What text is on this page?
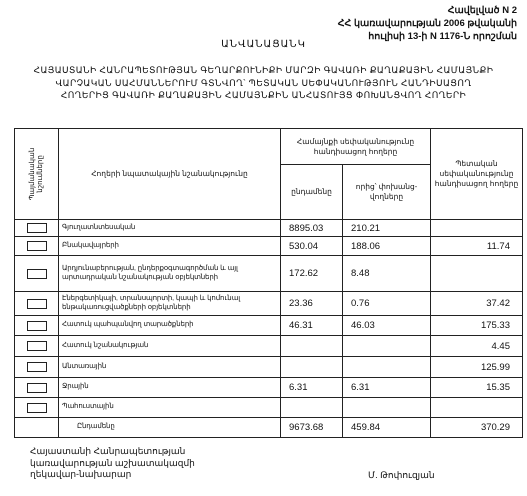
Հավելված N 2
ՀՀ կառավարության 2006 թվականի
հուլիսի 13-ի N 1176-Ն որոշման
ԱՆՎԱՆԱՑԱՆԿ
ՀԱՅԱՍՏԱՆԻ ՀԱՆՐԱՊԵՏՈՒԹՅԱՆ ԳԵՂԱՐՔՈՒՆԻՔԻ ՄԱՐԶԻ ԳԱՎԱՌԻ ՔԱՂԱՔԱՅԻՆ ՀԱՄԱՅՆՔԻ
ՎԱՐՉԱԿԱՆ ՍԱՀՄԱՆՆԵՐՈՒՄ ԳՏՆՎՈՂ՝ ՊԵՏԱԿԱՆ ՍԵՓԱԿԱՆՈՒԹՅՈՒՆ ՀԱՆԴԻՍԱՑՈՂ
ՀՈՂԵՐԻՑ ԳԱՎԱՌԻ ՔԱՂԱՔԱՅԻՆ ՀԱՄԱՅՆՔԻՆ ԱՆՀԱՏՈՒՅՑ ՓՈԽԱՆՑՎՈՂ ՀՈՂԵՐԻ
Պայմանական նշումները	Հողերի նպատակային նշանակությունը	Համայնքի սեփականությունը հանդիսացող հողերը		Պետական սեփականությունը հանդիսացող հողերը
		ընդամենը	որից՝ փոխանց-վողները	

	Գյուղատնտեսական	8895.03	210.21	

	Բնակավայրերի	530.04	188.06	11.74

	Արդյունաբերության, ընդերքօգտագործման և այլ արտադրական նշանակության օբյեկտների	172.62	8.48	

	Էներգետիկայի, տրանսպորտի, կապի և կոմունալ ենթակառուցվածքների օբյեկտների	23.36	0.76	37.42

	Հատուկ պահպանվող տարածքների	46.31	46.03	175.33

	Հատուկ նշանակության			4.45

	Անտառային			125.99

	Ջրային	6.31	6.31	15.35

	Պահուստային			
	Ընդամենը	9673.68	459.84	370.29
Հայաստանի Հանրապետության
կառավարության աշխատակազմի
ղեկավար-նախարար	Մ. Թոփուզյան
